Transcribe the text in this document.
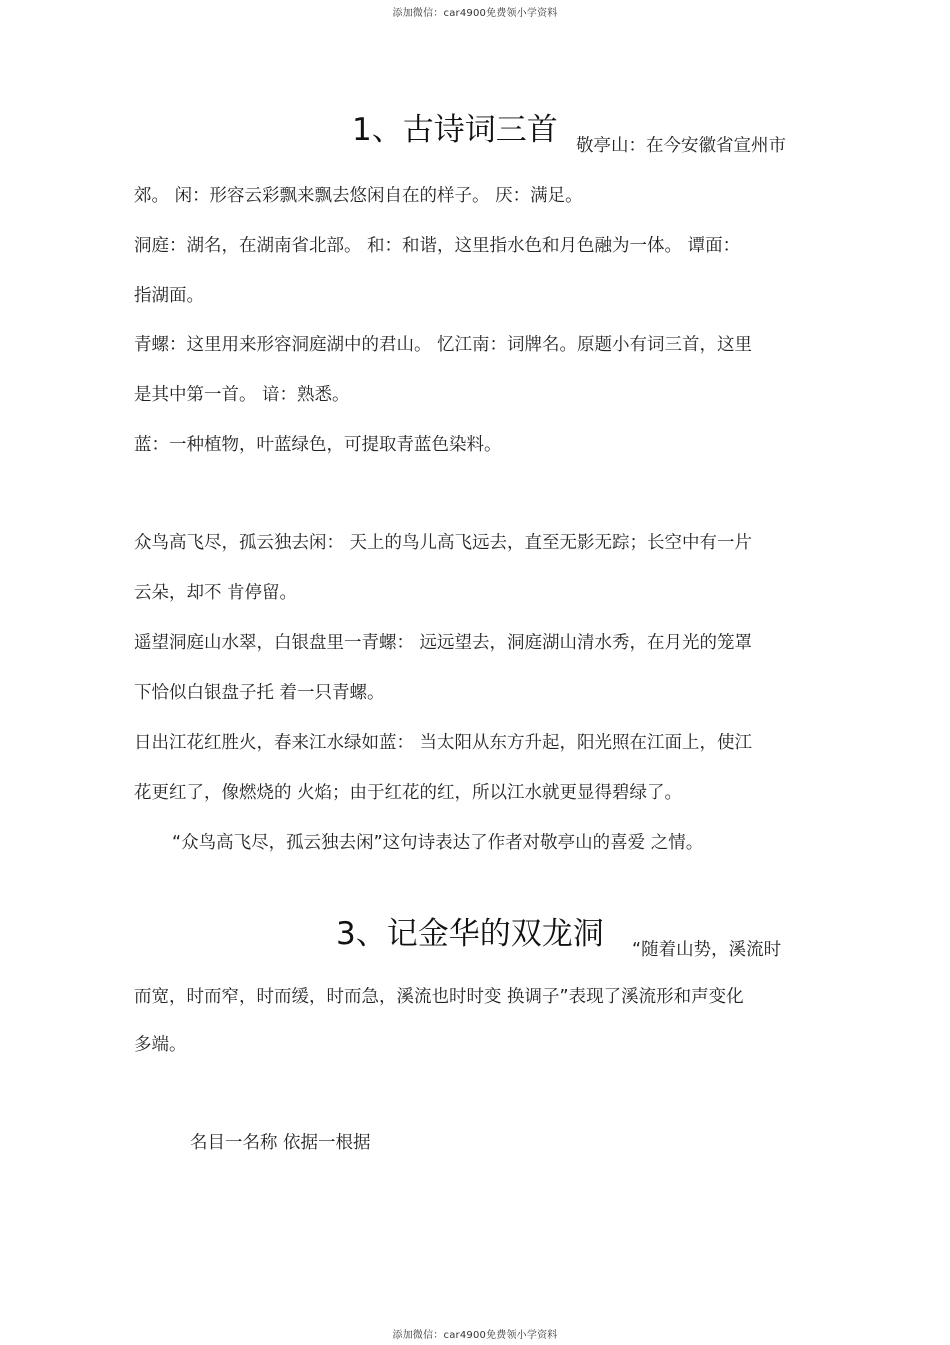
添加微信：car4900免费领小学资料
1、古诗词三首 敬亭山：在今安徽省宣州市
郊。 闲：形容云彩飘来飘去悠闲自在的样子。 厌：满足。
洞庭：湖名，在湖南省北部。 和：和谐，这里指水色和月色融为一体。 谭面：
指湖面。
青螺：这里用来形容洞庭湖中的君山。 忆江南：词牌名。原题小有词三首，这里
是其中第一首。 谙：熟悉。
蓝：一种植物，叶蓝绿色，可提取青蓝色染料。
众鸟高飞尽，孤云独去闲： 天上的鸟儿高飞远去，直至无影无踪；长空中有一片
云朵，却不 肯停留。
遥望洞庭山水翠，白银盘里一青螺： 远远望去，洞庭湖山清水秀，在月光的笼罩
下恰似白银盘子托 着一只青螺。
日出江花红胜火，春来江水绿如蓝： 当太阳从东方升起，阳光照在江面上，使江
花更红了，像燃烧的 火焰；由于红花的红，所以江水就更显得碧绿了。
“众鸟高飞尽，孤云独去闲”这句诗表达了作者对敬亭山的喜爱 之情。
3、记金华的双龙洞 “随着山势，溪流时
而宽，时而窄，时而缓，时而急，溪流也时时变 换调子”表现了溪流形和声变化
多端。
名目一名称 依据一根据
添加微信：car4900免费领小学资料
